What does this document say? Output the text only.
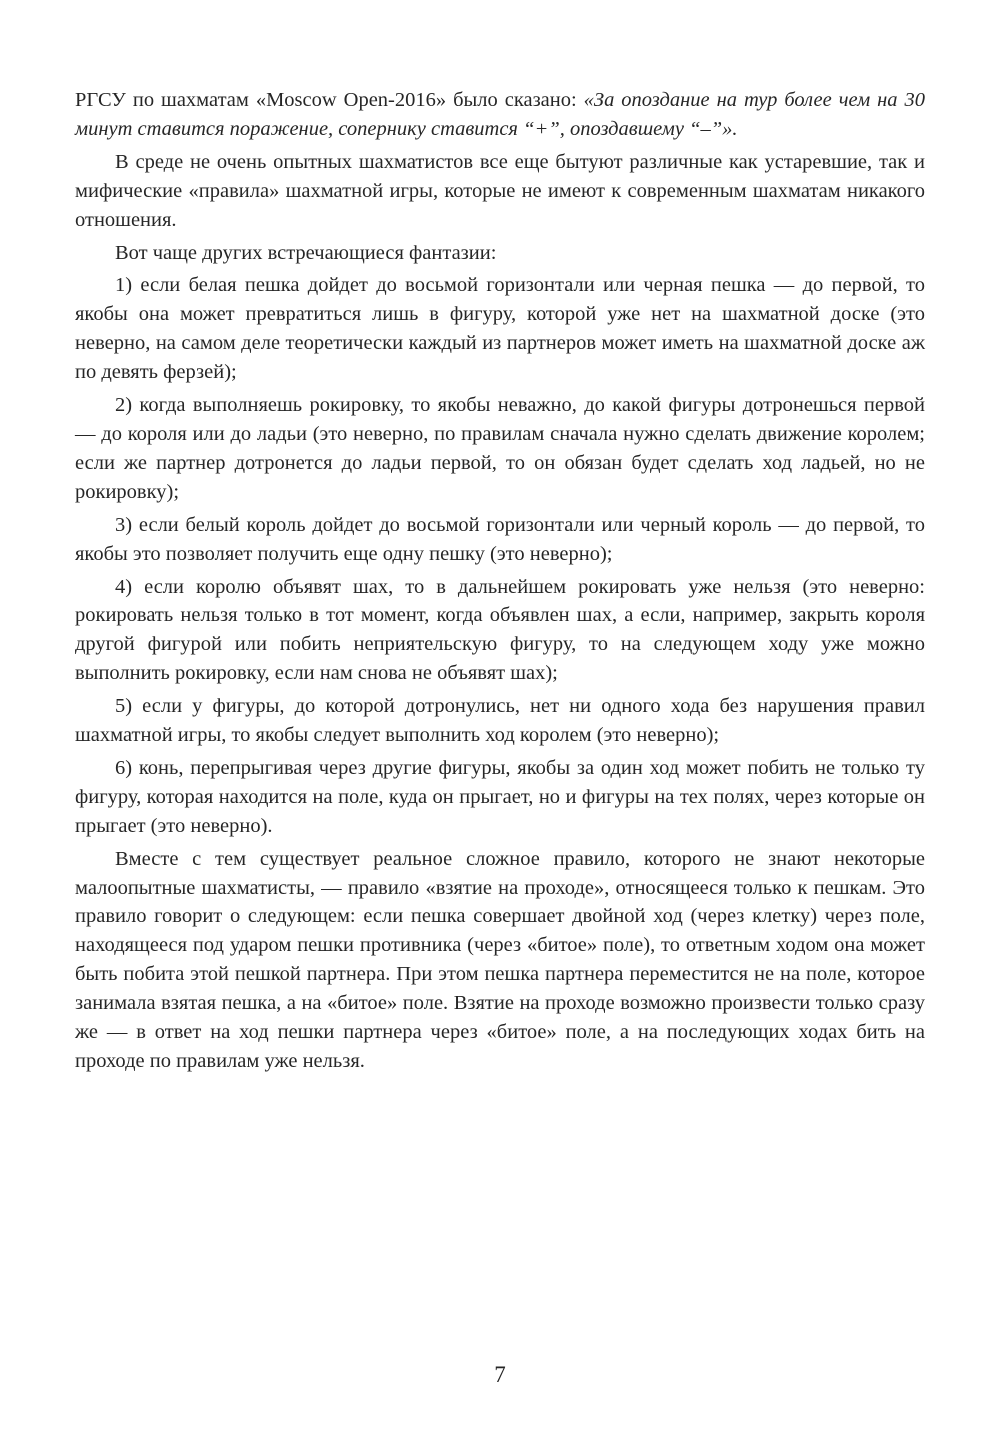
РГСУ по шахматам «Moscow Open-2016» было сказано: «За опоздание на тур более чем на 30 минут ставится поражение, сопернику ставится “+”, опоздавшему “–”».

В среде не очень опытных шахматистов все еще бытуют различные как устаревшие, так и мифические «правила» шахматной игры, которые не имеют к современным шахматам никакого отношения.

Вот чаще других встречающиеся фантазии:

1) если белая пешка дойдет до восьмой горизонтали или черная пешка — до первой, то якобы она может превратиться лишь в фигуру, которой уже нет на шахматной доске (это неверно, на самом деле теоретически каждый из партнеров может иметь на шахматной доске аж по девять ферзей);

2) когда выполняешь рокировку, то якобы неважно, до какой фигуры дотронешься первой — до короля или до ладьи (это неверно, по правилам сначала нужно сделать движение королем; если же партнер дотронется до ладьи первой, то он обязан будет сделать ход ладьей, но не рокировку);

3) если белый король дойдет до восьмой горизонтали или черный король — до первой, то якобы это позволяет получить еще одну пешку (это неверно);

4) если королю объявят шах, то в дальнейшем рокировать уже нельзя (это неверно: рокировать нельзя только в тот момент, когда объявлен шах, а если, например, закрыть короля другой фигурой или побить неприятельскую фигуру, то на следующем ходу уже можно выполнить рокировку, если нам снова не объявят шах);

5) если у фигуры, до которой дотронулись, нет ни одного хода без нарушения правил шахматной игры, то якобы следует выполнить ход королем (это неверно);

6) конь, перепрыгивая через другие фигуры, якобы за один ход может побить не только ту фигуру, которая находится на поле, куда он прыгает, но и фигуры на тех полях, через которые он прыгает (это неверно).

Вместе с тем существует реальное сложное правило, которого не знают некоторые малоопытные шахматисты, — правило «взятие на проходе», относящееся только к пешкам. Это правило говорит о следующем: если пешка совершает двойной ход (через клетку) через поле, находящееся под ударом пешки противника (через «битое» поле), то ответным ходом она может быть побита этой пешкой партнера. При этом пешка партнера переместится не на поле, которое занимала взятая пешка, а на «битое» поле. Взятие на проходе возможно произвести только сразу же — в ответ на ход пешки партнера через «битое» поле, а на последующих ходах бить на проходе по правилам уже нельзя.

7
